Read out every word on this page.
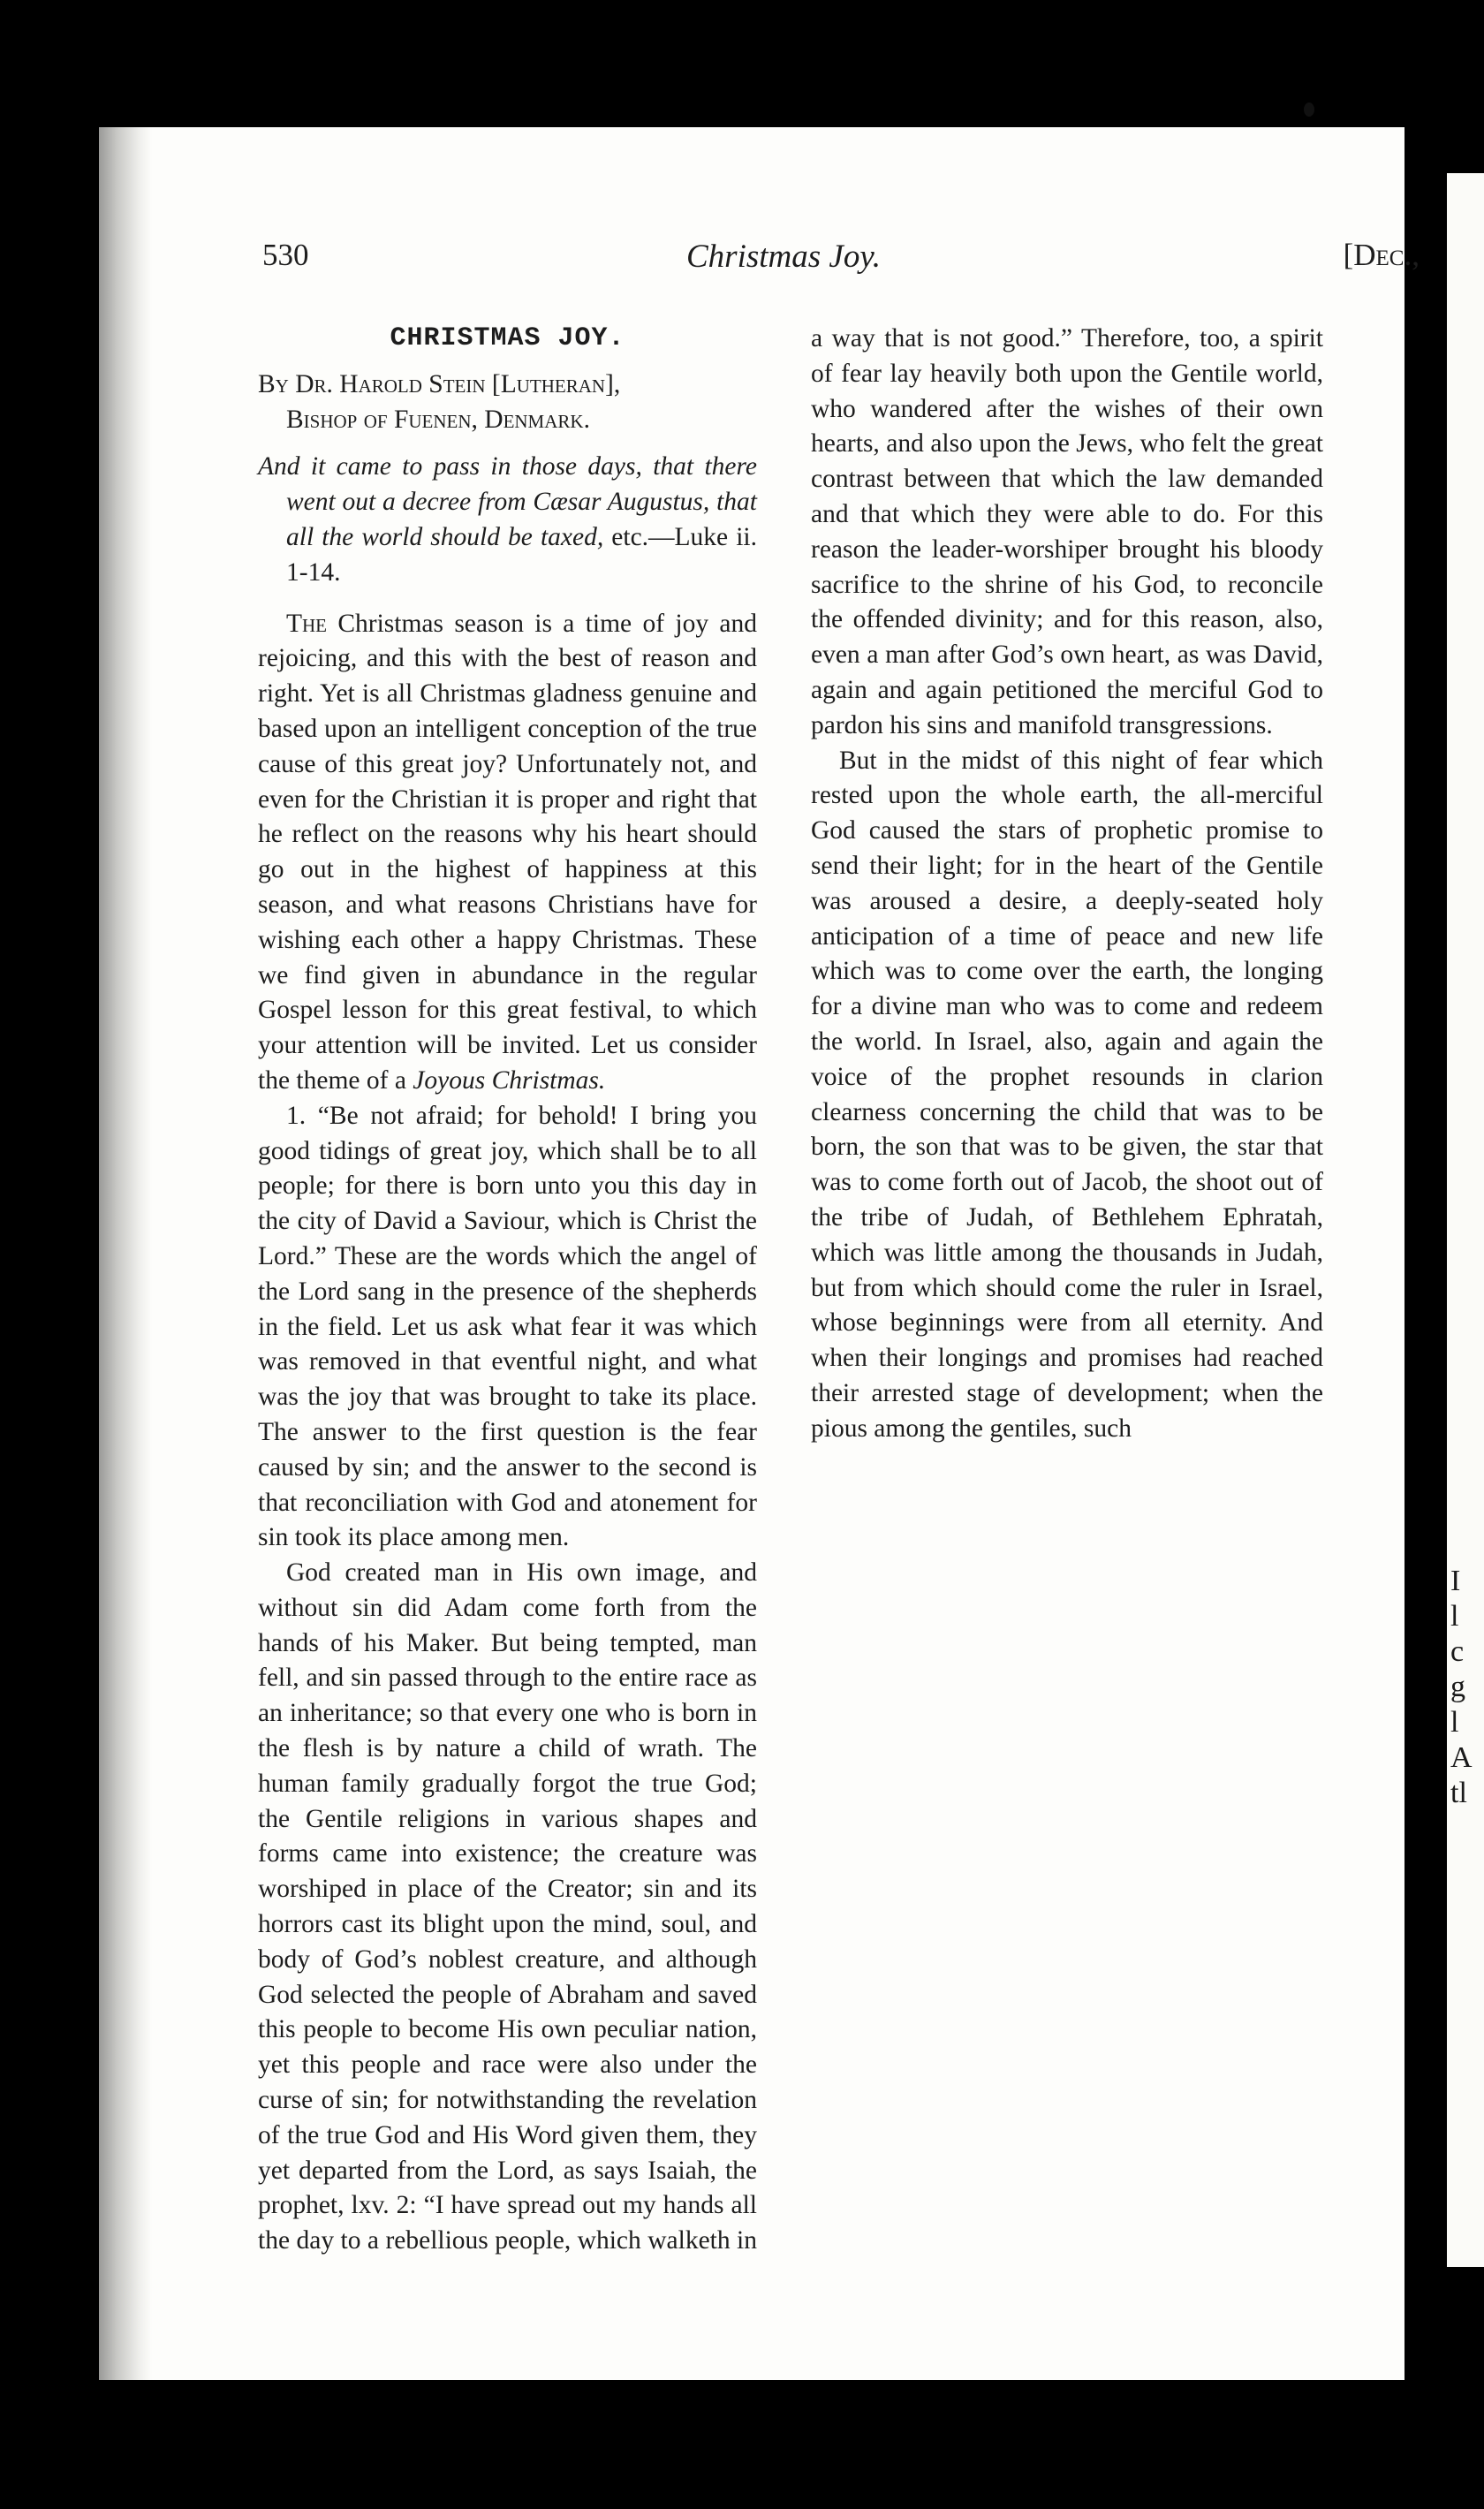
530	Christmas Joy.	[Dec.,

CHRISTMAS JOY.

By Dr. Harold Stein [Lutheran],

Bishop of Fuenen, Denmark.

And it came to pass in those days, that there went out a decree from Cæsar Augustus, that all the world should be taxed, etc.—Luke ii. 1-14.

The Christmas season is a time of joy and rejoicing, and this with the best of reason and right. Yet is all Christmas gladness genuine and based upon an intelligent conception of the true cause of this great joy? Unfortunately not, and even for the Christian it is proper and right that he reflect on the reasons why his heart should go out in the highest of happiness at this season, and what reasons Christians have for wishing each other a happy Christmas. These we find given in abundance in the regular Gospel lesson for this great festival, to which your attention will be invited. Let us consider the theme of a Joyous Christmas.

1. “Be not afraid; for behold! I bring you good tidings of great joy, which shall be to all people; for there is born unto you this day in the city of David a Saviour, which is Christ the Lord.” These are the words which the angel of the Lord sang in the presence of the shepherds in the field. Let us ask what fear it was which was removed in that eventful night, and what was the joy that was brought to take its place. The answer to the first question is the fear caused by sin; and the answer to the second is that reconciliation with God and atonement for sin took its place among men.

God created man in His own image, and without sin did Adam come forth from the hands of his Maker. But being tempted, man fell, and sin passed through to the entire race as an inheritance; so that every one who is born in the flesh is by nature a child of wrath. The human family gradually forgot the true God; the Gentile religions in various shapes and forms came into existence; the creature was worshiped in place of the Creator; sin and its horrors cast its blight upon the mind, soul, and body of God’s noblest creature, and although God selected the people of Abraham and saved this people to become His own peculiar nation, yet this people and race were also under the curse of sin; for notwithstanding the revelation of the true God and His Word given them, they yet departed from the Lord, as says Isaiah, the prophet, lxv. 2: “I have spread out my hands all the day to a rebellious people, which walketh in

a way that is not good.” Therefore, too, a spirit of fear lay heavily both upon the Gentile world, who wandered after the wishes of their own hearts, and also upon the Jews, who felt the great contrast between that which the law demanded and that which they were able to do. For this reason the leader-worshiper brought his bloody sacrifice to the shrine of his God, to reconcile the offended divinity; and for this reason, also, even a man after God’s own heart, as was David, again and again petitioned the merciful God to pardon his sins and manifold transgressions.

But in the midst of this night of fear which rested upon the whole earth, the all-merciful God caused the stars of prophetic promise to send their light; for in the heart of the Gentile was aroused a desire, a deeply-seated holy anticipation of a time of peace and new life which was to come over the earth, the longing for a divine man who was to come and redeem the world. In Israel, also, again and again the voice of the prophet resounds in clarion clearness concerning the child that was to be born, the son that was to be given, the star that was to come forth out of Jacob, the shoot out of the tribe of Judah, of Bethlehem Ephratah, which was little among the thousands in Judah, but from which should come the ruler in Israel, whose beginnings were from all eternity. And when their longings and promises had reached their arrested stage of development; when the pious among the gentiles, such

I
l
c
g
l
A
tl
